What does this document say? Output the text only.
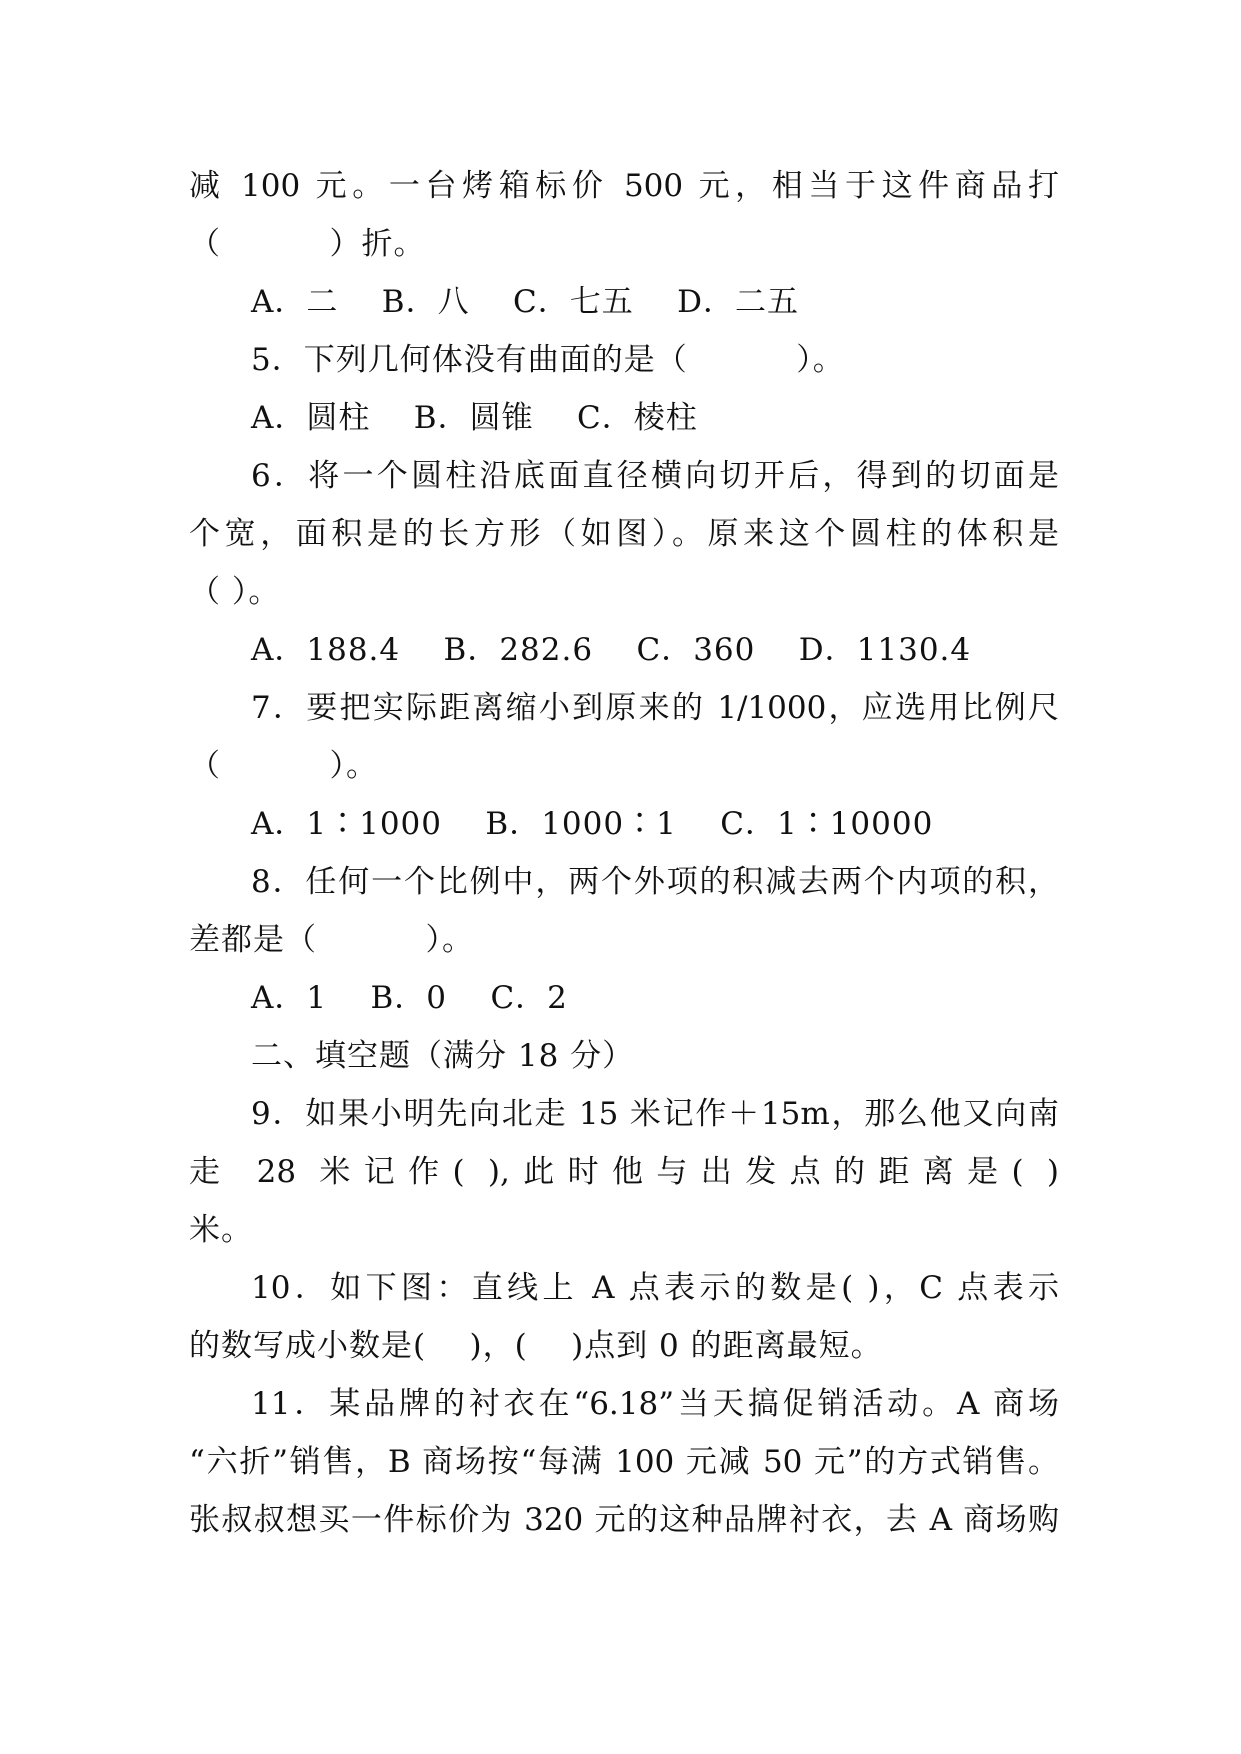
减 100 元。一台烤箱标价 500 元，相当于这件商品打
（          ）折。
A．二    B．八    C．七五    D．二五
5．下列几何体没有曲面的是（          ）。
A．圆柱    B．圆锥    C．棱柱
6．将一个圆柱沿底面直径横向切开后，得到的切面是
个宽，面积是的长方形（如图）。原来这个圆柱的体积是
（ ）。
A．188.4    B．282.6    C．360    D．1130.4
7．要把实际距离缩小到原来的 1/1000，应选用比例尺
（          ）。
A．1∶1000    B．1000∶1    C．1∶10000
8．任何一个比例中，两个外项的积减去两个内项的积，
差都是（          ）。
A．1    B．0    C．2
二、填空题（满分 18 分）
9．如果小明先向北走 15 米记作＋15m，那么他又向南
走 28 米记作( ),此时他与出发点的距离是( )
米。
10．如下图：直线上 A 点表示的数是( )，C 点表示
的数写成小数是(    )，(    )点到 0 的距离最短。
11．某品牌的衬衣在“6.18”当天搞促销活动。A 商场
“六折”销售，B 商场按“每满 100 元减 50 元”的方式销售。
张叔叔想买一件标价为 320 元的这种品牌衬衣，去 A 商场购
